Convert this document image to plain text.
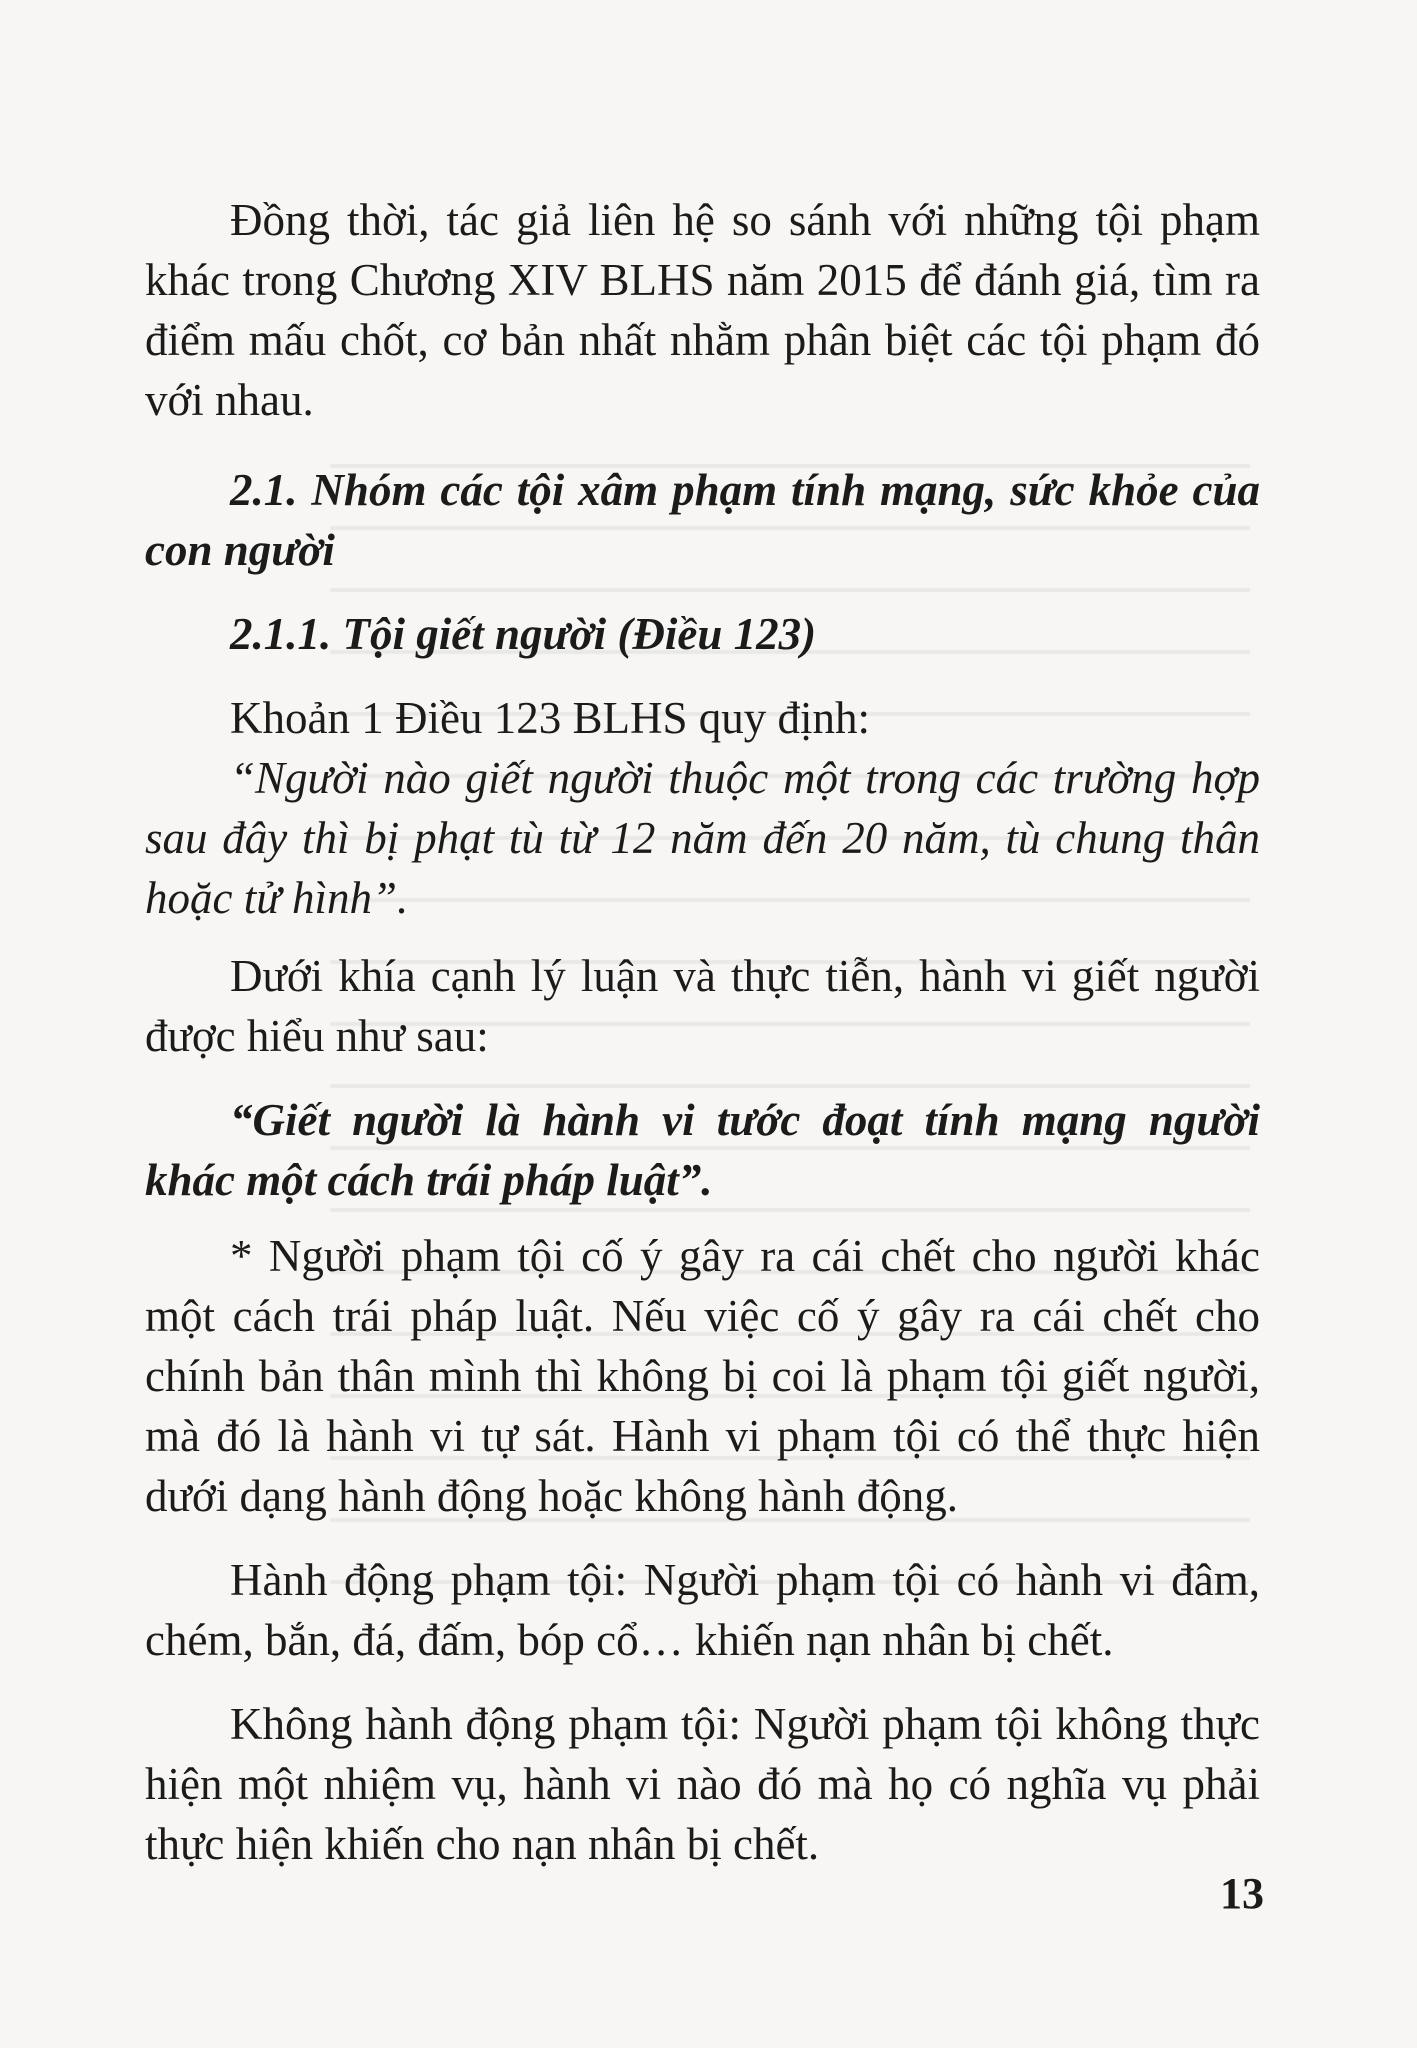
Đồng thời, tác giả liên hệ so sánh với những tội phạm khác trong Chương XIV BLHS năm 2015 để đánh giá, tìm ra điểm mấu chốt, cơ bản nhất nhằm phân biệt các tội phạm đó với nhau.

2.1. Nhóm các tội xâm phạm tính mạng, sức khỏe của con người

2.1.1. Tội giết người (Điều 123)

Khoản 1 Điều 123 BLHS quy định:

“Người nào giết người thuộc một trong các trường hợp sau đây thì bị phạt tù từ 12 năm đến 20 năm, tù chung thân hoặc tử hình”.

Dưới khía cạnh lý luận và thực tiễn, hành vi giết người được hiểu như sau:

“Giết người là hành vi tước đoạt tính mạng người khác một cách trái pháp luật”.

* Người phạm tội cố ý gây ra cái chết cho người khác một cách trái pháp luật. Nếu việc cố ý gây ra cái chết cho chính bản thân mình thì không bị coi là phạm tội giết người, mà đó là hành vi tự sát. Hành vi phạm tội có thể thực hiện dưới dạng hành động hoặc không hành động.

Hành động phạm tội: Người phạm tội có hành vi đâm, chém, bắn, đá, đấm, bóp cổ… khiến nạn nhân bị chết.

Không hành động phạm tội: Người phạm tội không thực hiện một nhiệm vụ, hành vi nào đó mà họ có nghĩa vụ phải thực hiện khiến cho nạn nhân bị chết.

13
